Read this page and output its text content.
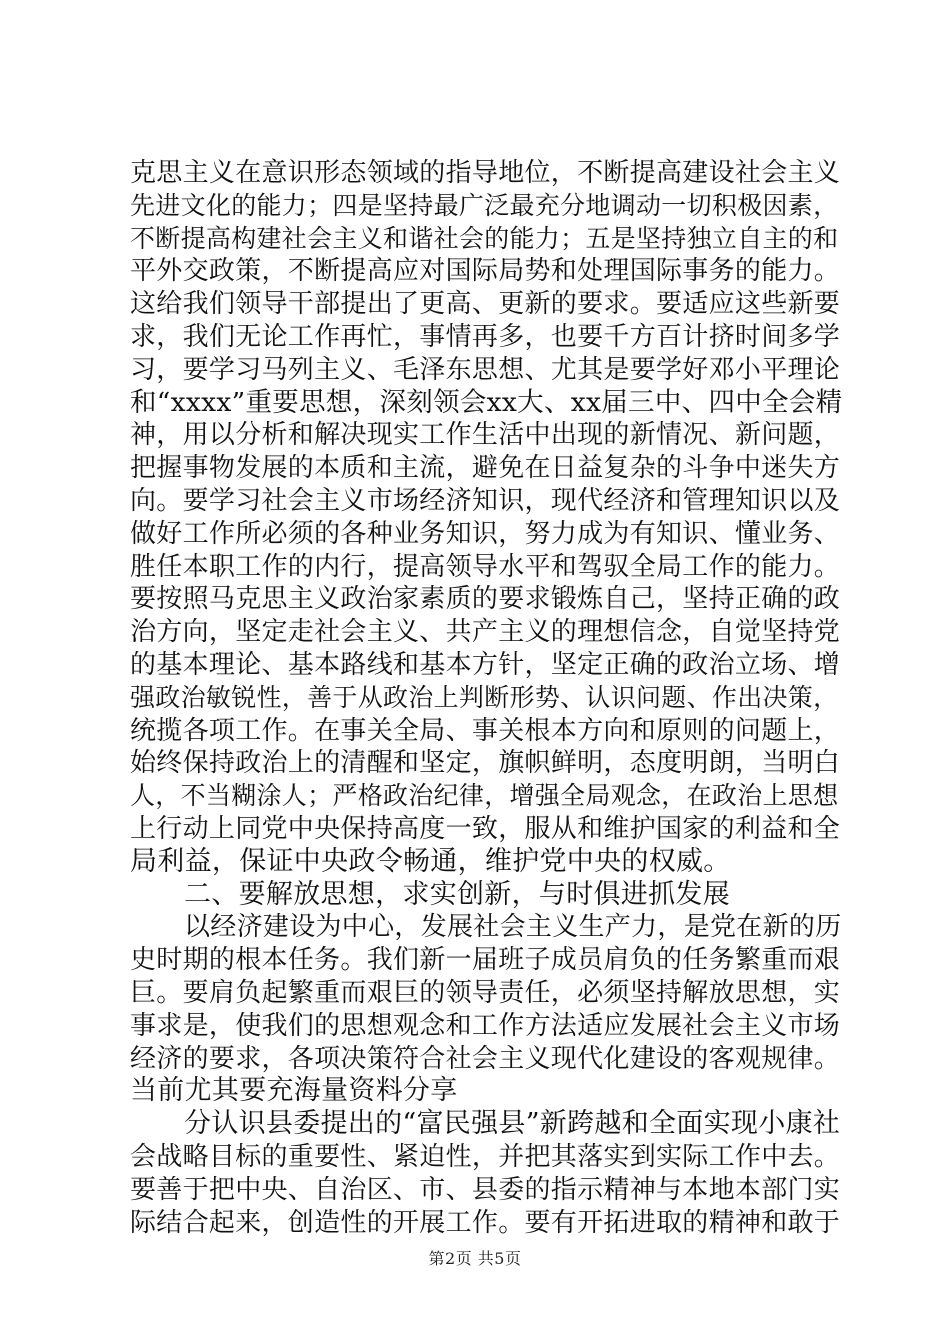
克思主义在意识形态领域的指导地位，不断提高建设社会主义
先进文化的能力；四是坚持最广泛最充分地调动一切积极因素，
不断提高构建社会主义和谐社会的能力；五是坚持独立自主的和
平外交政策，不断提高应对国际局势和处理国际事务的能力。
这给我们领导干部提出了更高、更新的要求。要适应这些新要
求，我们无论工作再忙，事情再多，也要千方百计挤时间多学
习，要学习马列主义、毛泽东思想、尤其是要学好邓小平理论
和“xxxx”重要思想，深刻领会xx大、xx届三中、四中全会精
神，用以分析和解决现实工作生活中出现的新情况、新问题，
把握事物发展的本质和主流，避免在日益复杂的斗争中迷失方
向。要学习社会主义市场经济知识，现代经济和管理知识以及
做好工作所必须的各种业务知识，努力成为有知识、懂业务、
胜任本职工作的内行，提高领导水平和驾驭全局工作的能力。
要按照马克思主义政治家素质的要求锻炼自己，坚持正确的政
治方向，坚定走社会主义、共产主义的理想信念，自觉坚持党
的基本理论、基本路线和基本方针，坚定正确的政治立场、增
强政治敏锐性，善于从政治上判断形势、认识问题、作出决策，
统揽各项工作。在事关全局、事关根本方向和原则的问题上，
始终保持政治上的清醒和坚定，旗帜鲜明，态度明朗，当明白
人，不当糊涂人；严格政治纪律，增强全局观念，在政治上思想
上行动上同党中央保持高度一致，服从和维护国家的利益和全
局利益，保证中央政令畅通，维护党中央的权威。
二、要解放思想，求实创新，与时俱进抓发展
以经济建设为中心，发展社会主义生产力，是党在新的历
史时期的根本任务。我们新一届班子成员肩负的任务繁重而艰
巨。要肩负起繁重而艰巨的领导责任，必须坚持解放思想，实
事求是，使我们的思想观念和工作方法适应发展社会主义市场
经济的要求，各项决策符合社会主义现代化建设的客观规律。
当前尤其要充海量资料分享
分认识县委提出的“富民强县”新跨越和全面实现小康社
会战略目标的重要性、紧迫性，并把其落实到实际工作中去。
要善于把中央、自治区、市、县委的指示精神与本地本部门实
际结合起来，创造性的开展工作。要有开拓进取的精神和敢于
第2页 共5页
